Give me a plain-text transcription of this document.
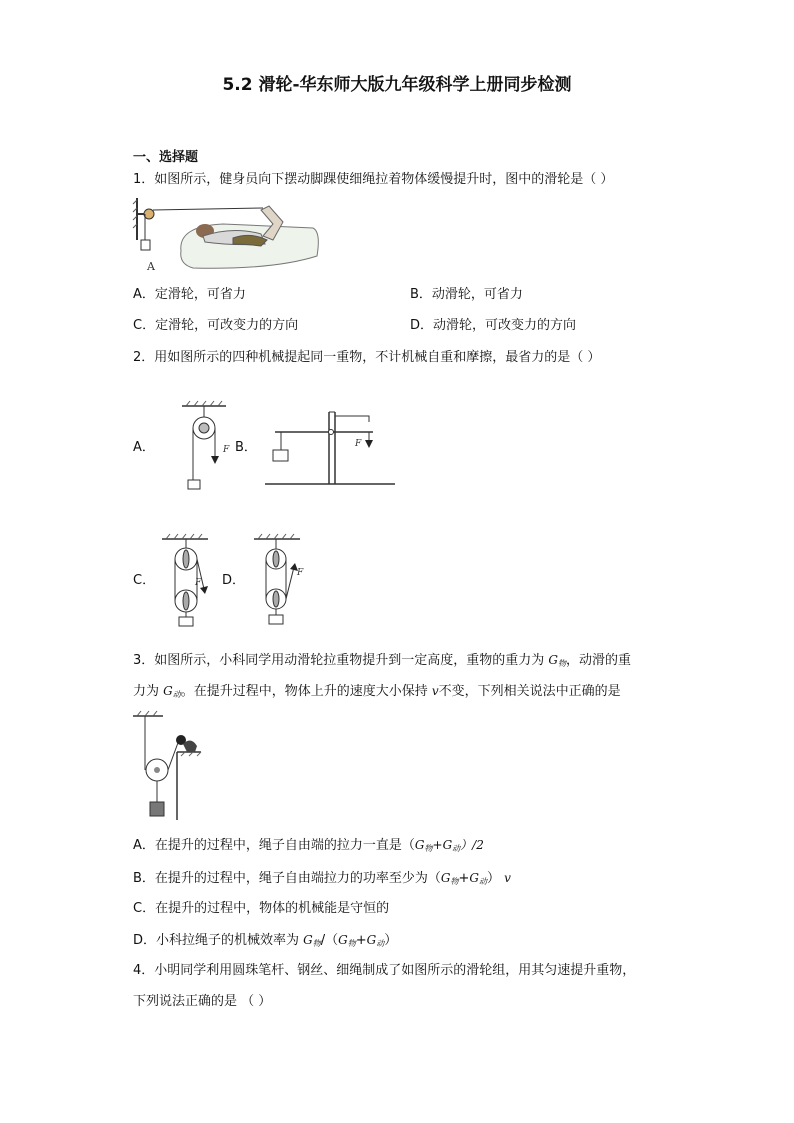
5.2 滑轮-华东师大版九年级科学上册同步检测
一、选择题
1．如图所示，健身员向下摆动脚踝使细绳拉着物体缓慢提升时，图中的滑轮是（ ）
A
A．定滑轮，可省力	B．动滑轮，可省力
C．定滑轮，可改变力的方向	D．动滑轮，可改变力的方向
2．用如图所示的四种机械提起同一重物，不计机械自重和摩擦，最省力的是（ ）
A．	F B．	F
C．	F D．	F
3．如图所示，小科同学用动滑轮拉重物提升到一定高度，重物的重力为 $G_物$，动滑的重
力为 $G_动$。在提升过程中，物体上升的速度大小保持 v不变，下列相关说法中正确的是
A．在提升的过程中，绳子自由端的拉力一直是$(G_物+G_动)/2$
B．在提升的过程中，绳子自由端拉力的功率至少为$(G_物+G_动)$ v
C．在提升的过程中，物体的机械能是守恒的
D．小科拉绳子的机械效率为 $G_物/(G_物+G_动)$
4．小明同学利用圆珠笔杆、钢丝、细绳制成了如图所示的滑轮组，用其匀速提升重物，
下列说法正确的是 （ ）
